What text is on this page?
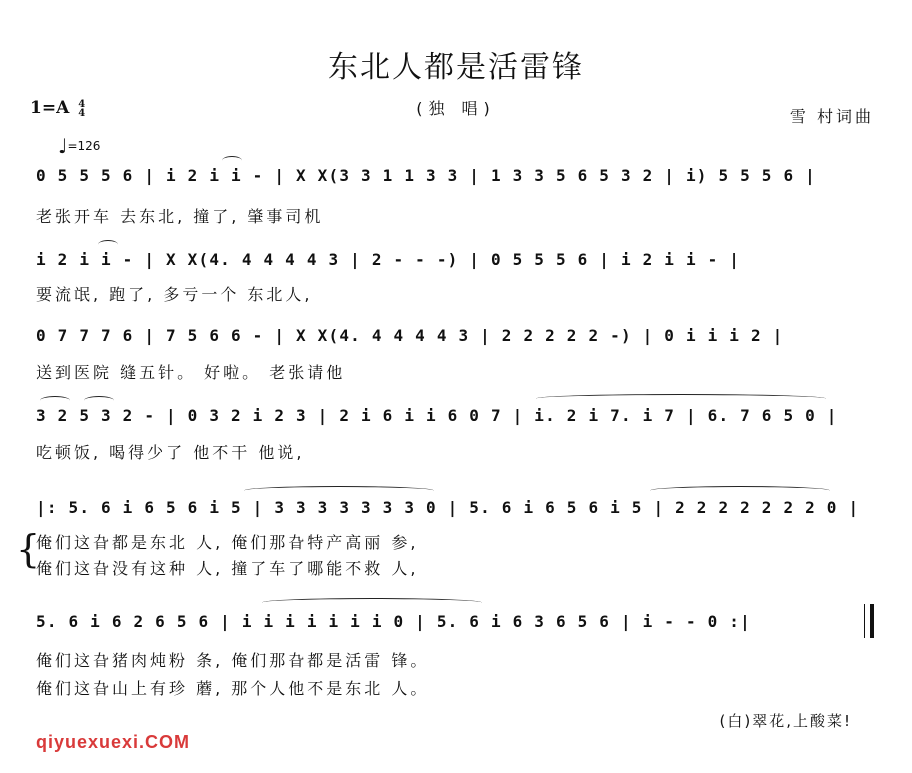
东北人都是活雷锋
(独 唱)	雪 村词曲
1=A 4
4
♩=126
0 5 5 5 6 | i 2 i i - | X X(3 3 1 1 3 3 | 1 3 3 5 6 5 3 2 | i) 5 5 5 6 |
老张开车 去东北, 撞了, 肇事司机
i 2 i i - | X X(4. 4 4 4 4 3 | 2 - - -) | 0 5 5 5 6 | i 2 i i - |
要流氓, 跑了, 多亏一个 东北人,
0 7 7 7 6 | 7 5 6 6 - | X X(4. 4 4 4 4 3 | 2 2 2 2 2 -) | 0 i i i 2 |
送到医院 缝五针。 好啦。 老张请他
3 2 5 3 2 - | 0 3 2 i 2 3 | 2 i 6 i i 6 0 7 | i. 2 i 7. i 7 | 6. 7 6 5 0 |
吃顿饭, 喝得少了 他不干 他说,
|: 5. 6 i 6 5 6 i 5 | 3 3 3 3 3 3 3 0 | 5. 6 i 6 5 6 i 5 | 2 2 2 2 2 2 2 0 |
俺们这旮都是东北 人, 俺们那旮特产高丽 参,
俺们这旮没有这种 人, 撞了车了哪能不救 人,
{
5. 6 i 6 2 6 5 6 | i i i i i i i 0 | 5. 6 i 6 3 6 5 6 | i - - 0 :|
俺们这旮猪肉炖粉 条, 俺们那旮都是活雷 锋。
俺们这旮山上有珍 蘑, 那个人他不是东北 人。
(白)翠花,上酸菜!
qiyuexuexi.COM
